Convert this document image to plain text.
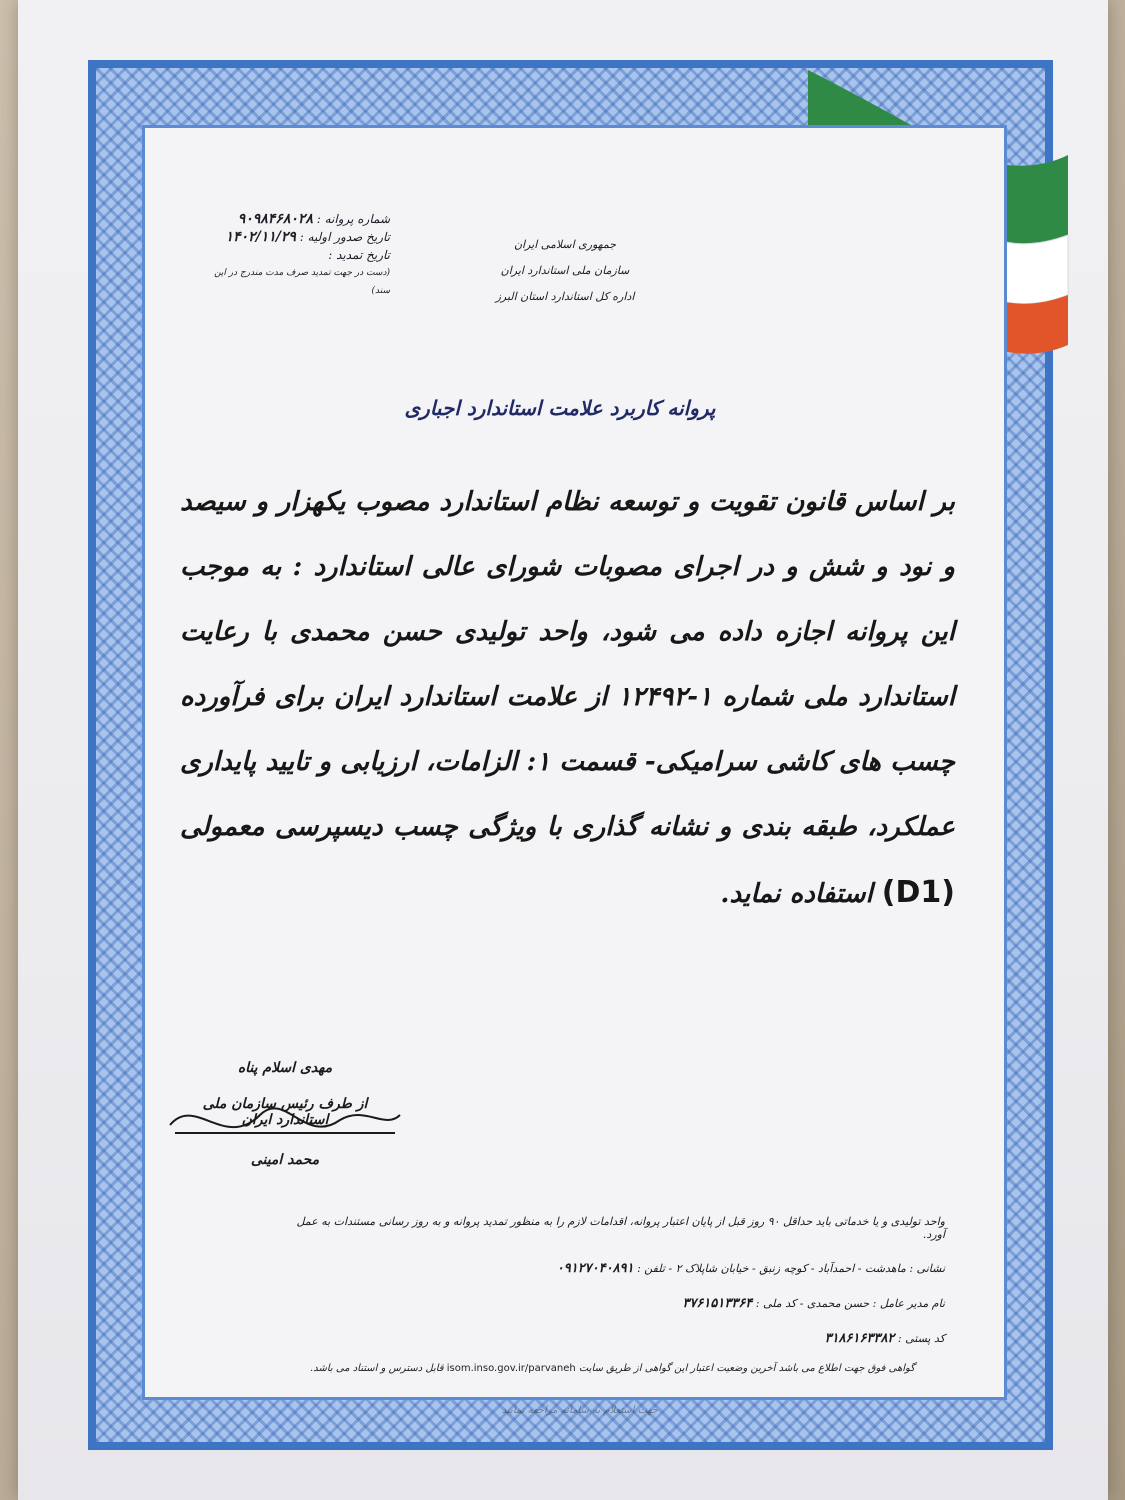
شماره پروانه : ۹۰۹۸۴۶۸۰۲۸
تاریخ صدور اولیه : ۱۴۰۲/۱۱/۲۹
تاریخ تمدید :
(دست در جهت تمدید صرف مدت مندرج در این سند)
جمهوری اسلامی ایران
سازمان ملی استاندارد ایران
اداره کل استاندارد استان البرز
پروانه کاربرد علامت استاندارد اجباری
بر اساس قانون تقویت و توسعه نظام استاندارد مصوب یکهزار و سیصد و نود و شش و در اجرای مصوبات شورای عالی استاندارد : به موجب این پروانه اجازه داده می شود، واحد تولیدی حسن محمدی با رعایت استاندارد ملی شماره ۱-۱۲۴۹۲ از علامت استاندارد ایران برای فرآورده چسب های کاشی سرامیکی- قسمت ۱: الزامات، ارزیابی و تایید پایداری عملکرد، طبقه بندی و نشانه گذاری با ویژگی چسب دیسپرسی معمولی (D1) استفاده نماید.
مهدی اسلام پناه
از طرف رئیس سازمان ملی استاندارد ایران
محمد امینی
واحد تولیدی و یا خدماتی باید حداقل ۹۰ روز قبل از پایان اعتبار پروانه، اقدامات لازم را به منظور تمدید پروانه و به روز رسانی مستندات به عمل آورد.
نشانی : ماهدشت - احمدآباد - کوچه زنبق - خیابان شاپلاک ۲ - تلفن : ۰۹۱۲۷۰۴۰۸۹۱
نام مدیر عامل : حسن محمدی - کد ملی : ۳۷۶۱۵۱۳۳۶۴
کد پستی : ۳۱۸۶۱۶۳۳۸۲
گواهی فوق جهت اطلاع می باشد آخرین وضعیت اعتبار این گواهی از طریق سایت isom.inso.gov.ir/parvaneh قابل دسترس و استناد می باشد.
جهت استعلام به سامانه مراجعه نمایید
